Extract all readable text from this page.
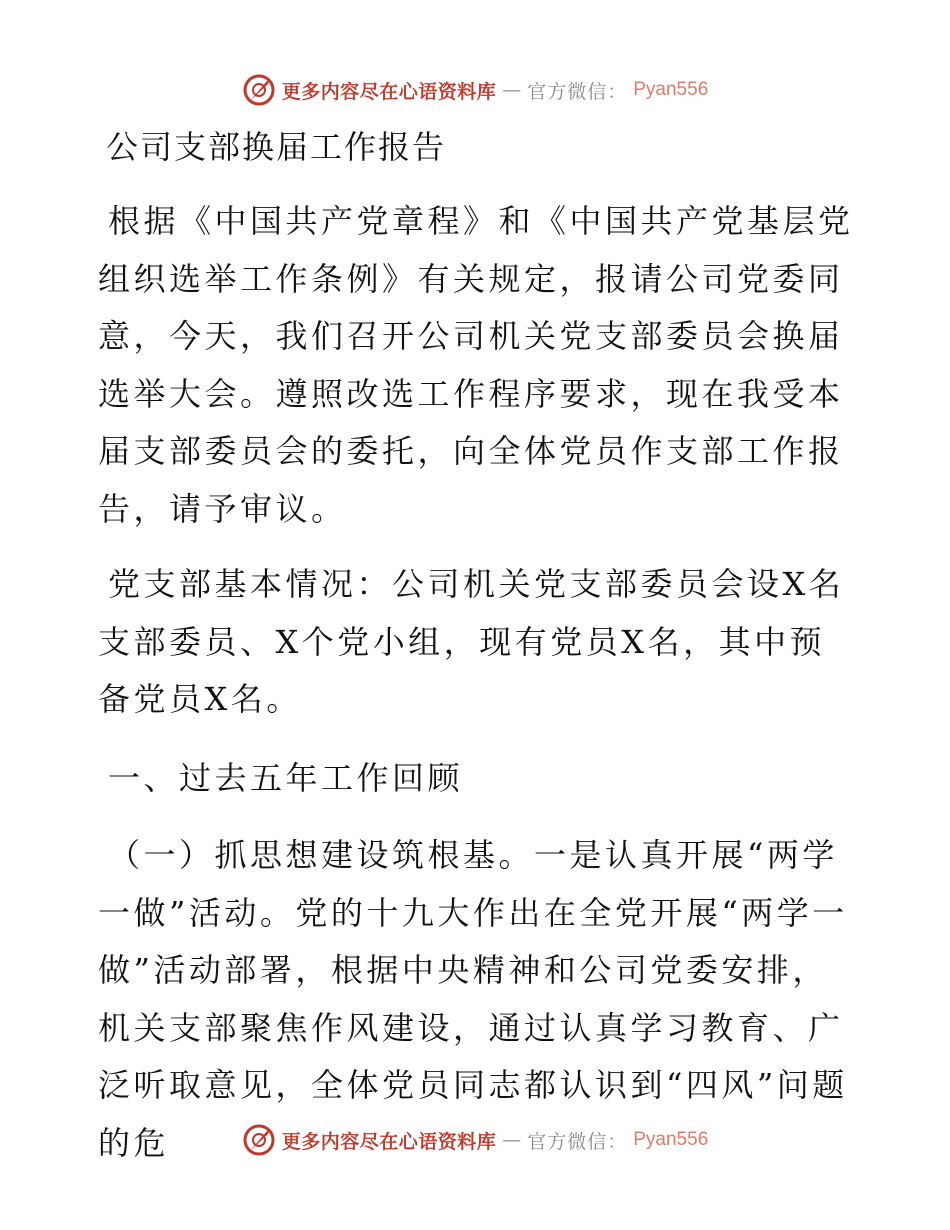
更多内容尽在心语资料库 — 官方微信： Pyan556
公司支部换届工作报告

根据《中国共产党章程》和《中国共产党基层党组织选举工作条例》有关规定，报请公司党委同意，今天，我们召开公司机关党支部委员会换届选举大会。遵照改选工作程序要求，现在我受本届支部委员会的委托，向全体党员作支部工作报告，请予审议。

党支部基本情况：公司机关党支部委员会设X名支部委员、X个党小组，现有党员X名，其中预备党员X名。

一、过去五年工作回顾

（一）抓思想建设筑根基。一是认真开展“两学一做”活动。党的十九大作出在全党开展“两学一做”活动部署，根据中央精神和公司党委安排，机关支部聚焦作风建设，通过认真学习教育、广泛听取意见，全体党员同志都认识到“四风”问题的危	更多内容尽在心语资料库 — 官方微信： Pyan556
